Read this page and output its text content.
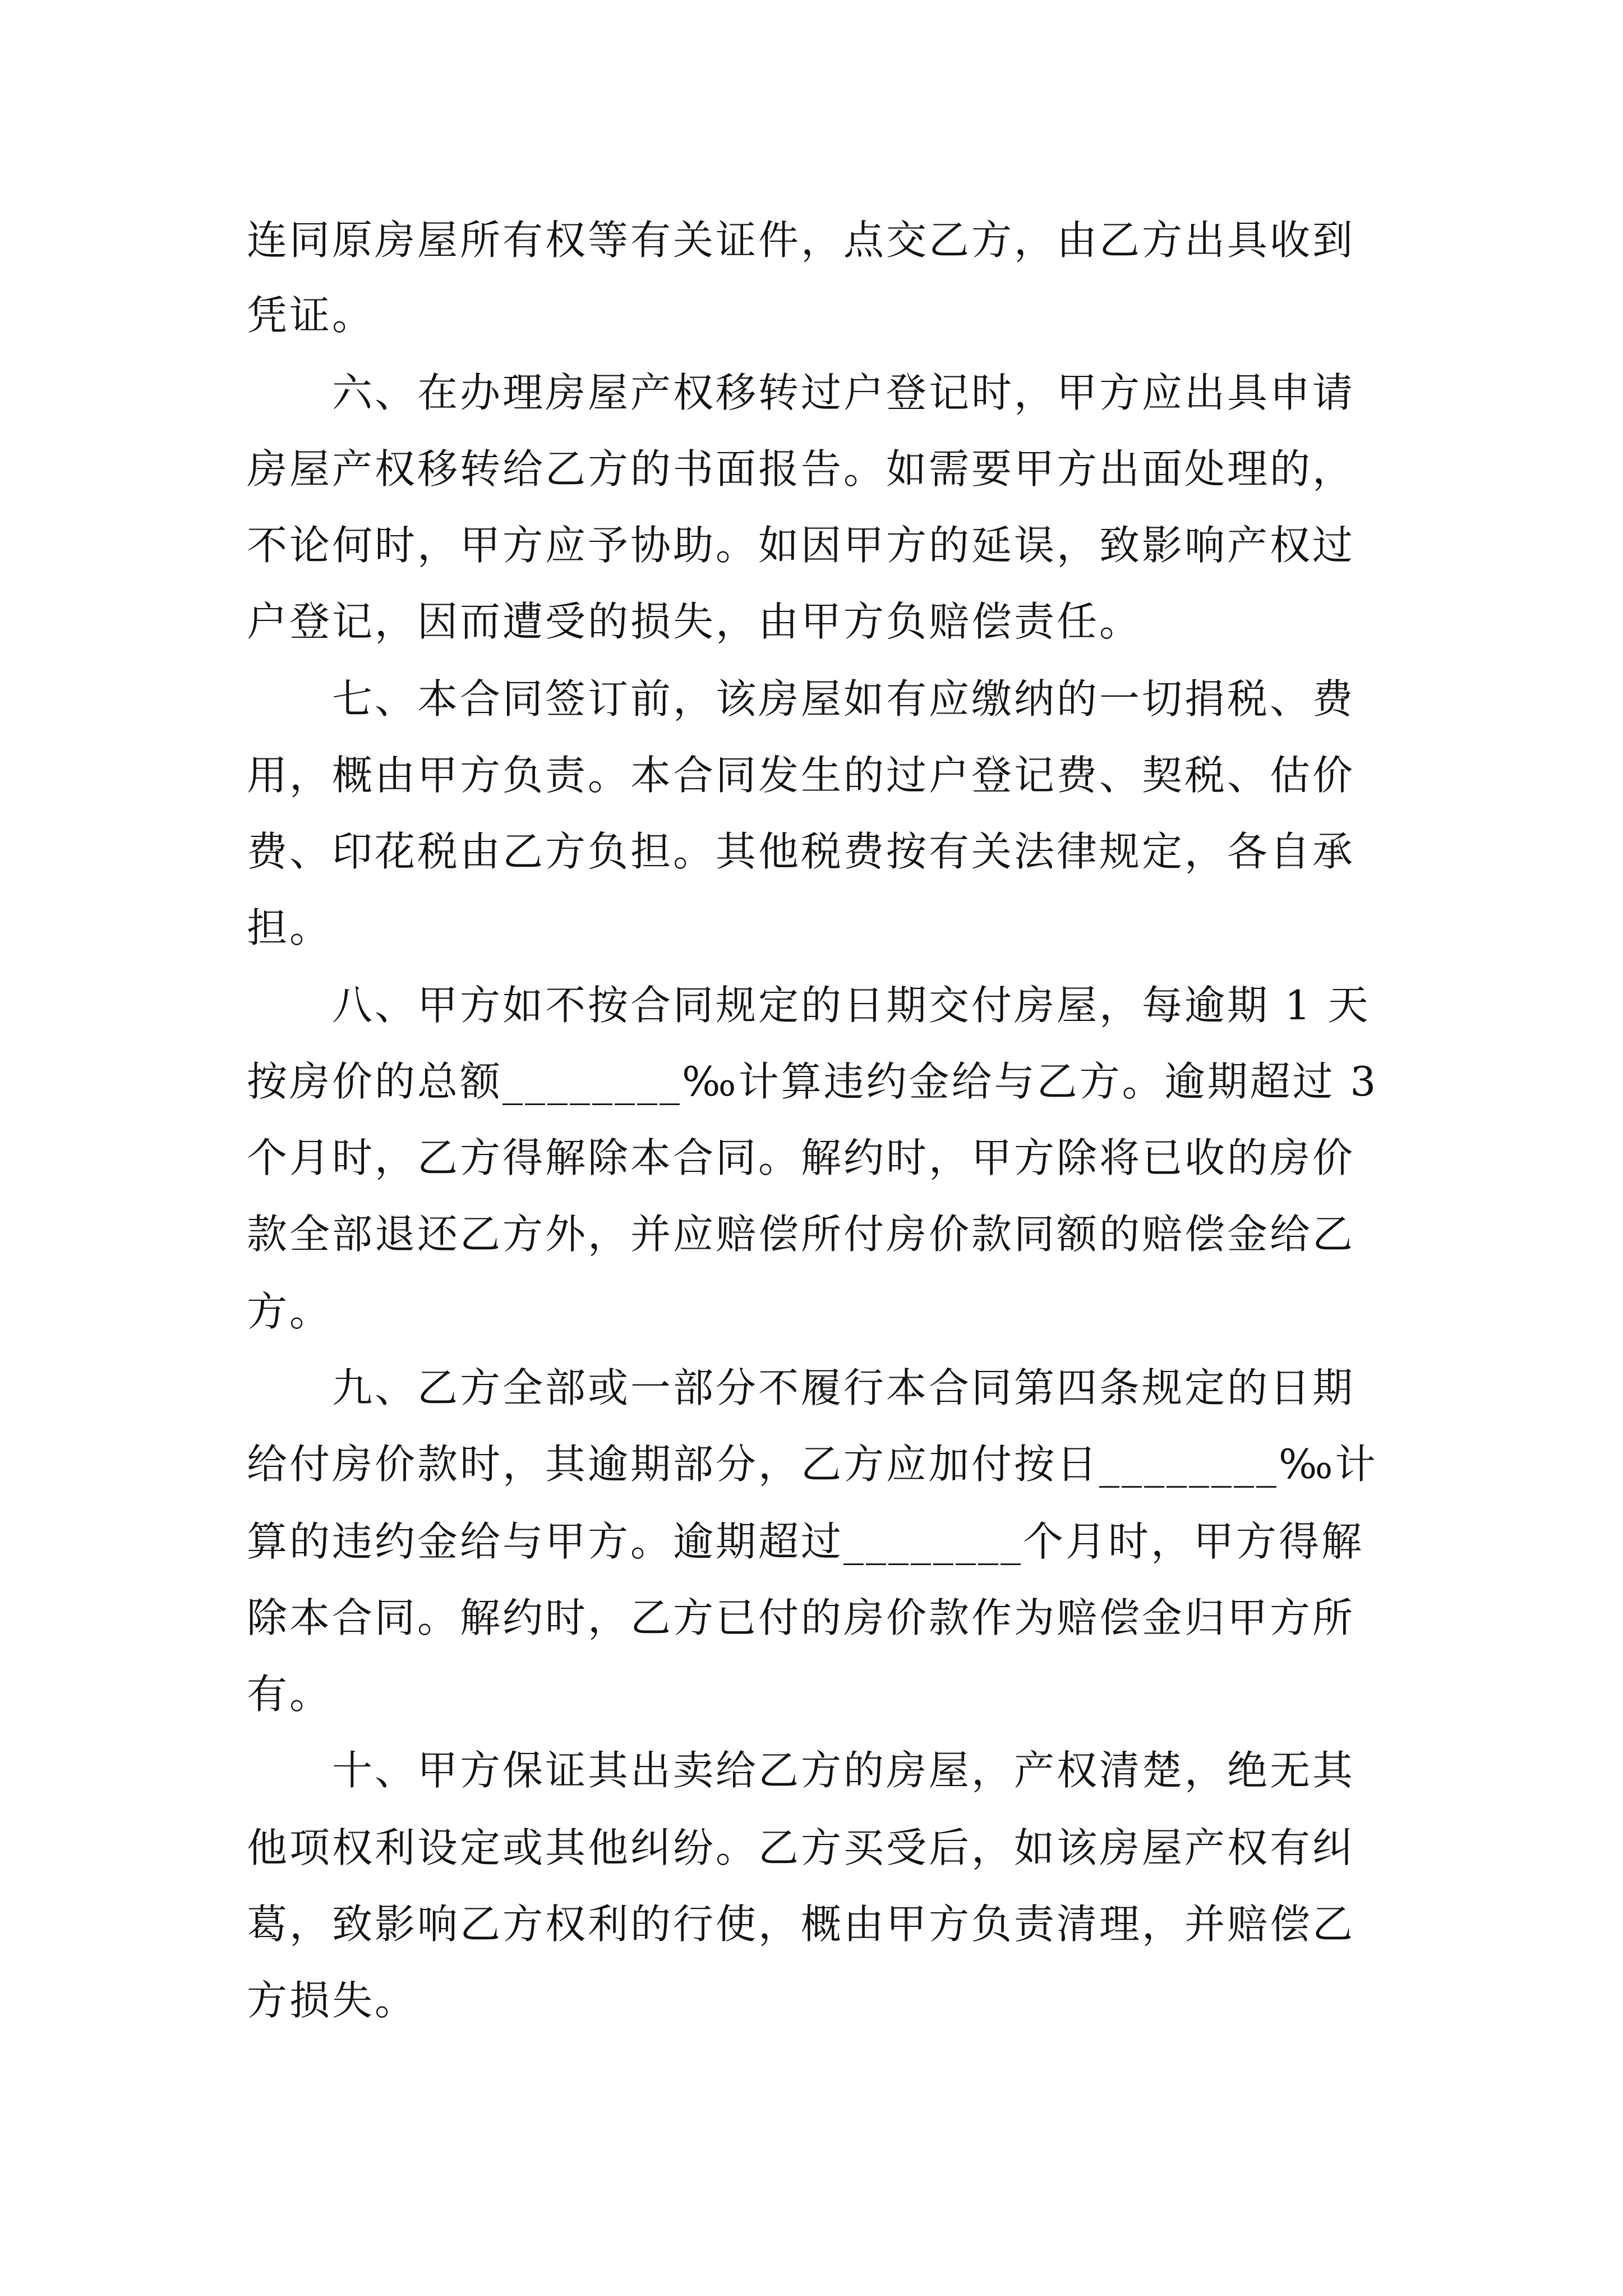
连同原房屋所有权等有关证件，点交乙方，由乙方出具收到
凭证。
　　六、在办理房屋产权移转过户登记时，甲方应出具申请
房屋产权移转给乙方的书面报告。如需要甲方出面处理的，
不论何时，甲方应予协助。如因甲方的延误，致影响产权过
户登记，因而遭受的损失，由甲方负赔偿责任。
　　七、本合同签订前，该房屋如有应缴纳的一切捐税、费
用，概由甲方负责。本合同发生的过户登记费、契税、估价
费、印花税由乙方负担。其他税费按有关法律规定，各自承
担。
　　八、甲方如不按合同规定的日期交付房屋，每逾期 1 天
按房价的总额________‰计算违约金给与乙方。逾期超过 3
个月时，乙方得解除本合同。解约时，甲方除将已收的房价
款全部退还乙方外，并应赔偿所付房价款同额的赔偿金给乙
方。
　　九、乙方全部或一部分不履行本合同第四条规定的日期
给付房价款时，其逾期部分，乙方应加付按日________‰计
算的违约金给与甲方。逾期超过________个月时，甲方得解
除本合同。解约时，乙方已付的房价款作为赔偿金归甲方所
有。
　　十、甲方保证其出卖给乙方的房屋，产权清楚，绝无其
他项权利设定或其他纠纷。乙方买受后，如该房屋产权有纠
葛，致影响乙方权利的行使，概由甲方负责清理，并赔偿乙
方损失。
